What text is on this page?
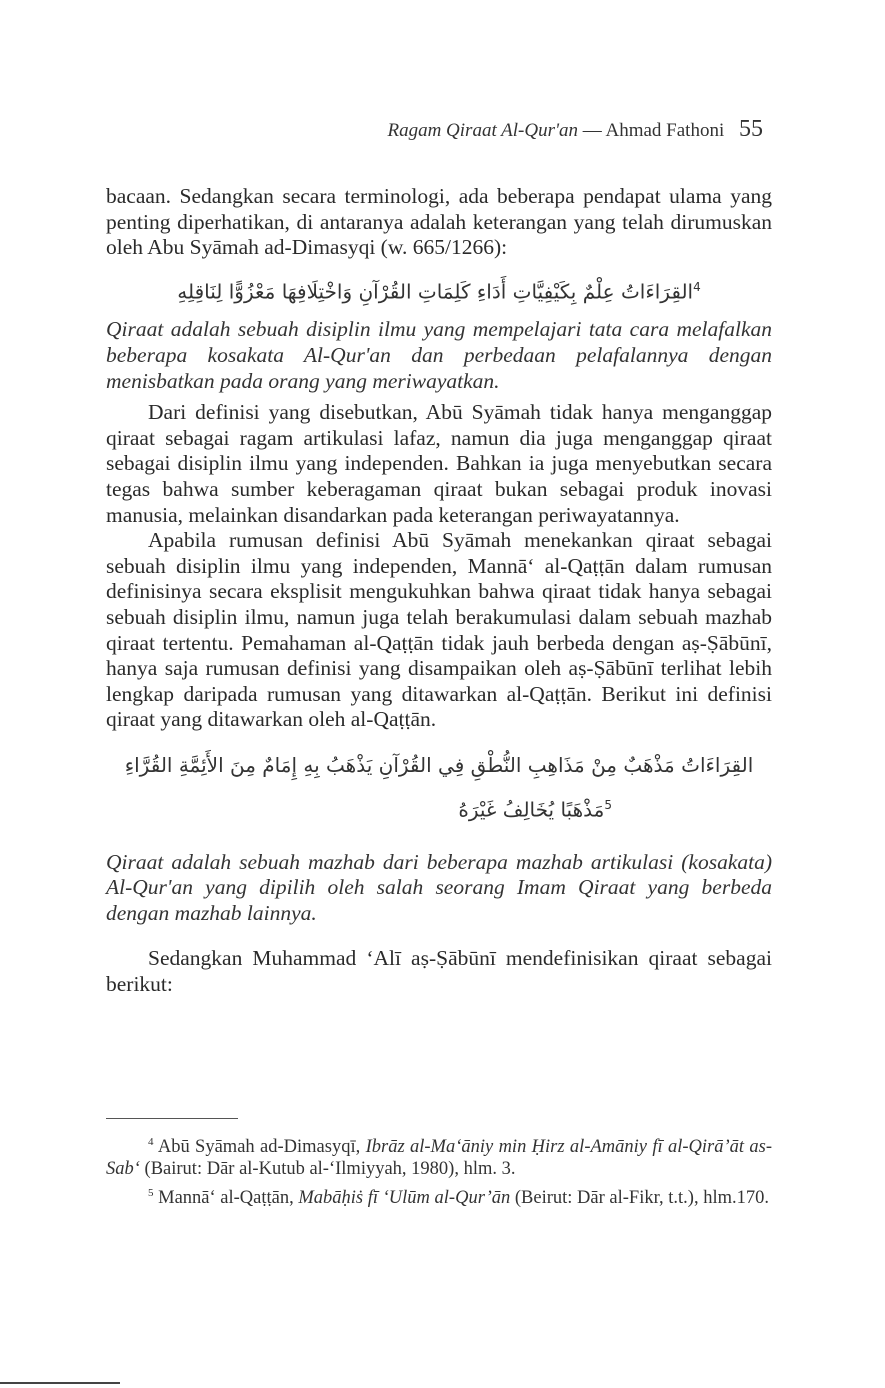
Ragam Qiraat Al-Qur'an — Ahmad Fathoni 55

bacaan. Sedangkan secara terminologi, ada beberapa pendapat ulama yang penting diperhatikan, di antaranya adalah keterangan yang telah dirumuskan oleh Abu Syāmah ad-Dimasyqi (w. 665/1266):

$^4$القِرَاءَاتُ عِلْمٌ بِكَيْفِيَّاتِ أَدَاءِ كَلِمَاتِ القُرْآنِ وَاخْتِلَافِهَا مَعْزُوًّا لِنَاقِلِهِ

Qiraat adalah sebuah disiplin ilmu yang mempelajari tata cara melafalkan beberapa kosakata Al-Qur'an dan perbedaan pelafalannya dengan menisbatkan pada orang yang meriwayatkan.

Dari definisi yang disebutkan, Abū Syāmah tidak hanya menganggap qiraat sebagai ragam artikulasi lafaz, namun dia juga menganggap qiraat sebagai disiplin ilmu yang independen. Bahkan ia juga menyebutkan secara tegas bahwa sumber keberagaman qiraat bukan sebagai produk inovasi manusia, melainkan disandarkan pada keterangan periwayatannya.

Apabila rumusan definisi Abū Syāmah menekankan qiraat sebagai sebuah disiplin ilmu yang independen, Mannā‘ al-Qaṭṭān dalam rumusan definisinya secara eksplisit mengukuhkan bahwa qiraat tidak hanya sebagai sebuah disiplin ilmu, namun juga telah berakumulasi dalam sebuah mazhab qiraat tertentu. Pemahaman al-Qaṭṭān tidak jauh berbeda dengan aṣ-Ṣābūnī, hanya saja rumusan definisi yang disampaikan oleh aṣ-Ṣābūnī terlihat lebih lengkap daripada rumusan yang ditawarkan al-Qaṭṭān. Berikut ini definisi qiraat yang ditawarkan oleh al-Qaṭṭān.

القِرَاءَاتُ مَذْهَبٌ مِنْ مَذَاهِبِ النُّطْقِ فِي القُرْآنِ يَذْهَبُ بِهِ إِمَامٌ مِنَ الأَئِمَّةِ القُرَّاءِ

$^5$مَذْهَبًا يُخَالِفُ غَيْرَهُ

Qiraat adalah sebuah mazhab dari beberapa mazhab artikulasi (kosakata) Al-Qur'an yang dipilih oleh salah seorang Imam Qiraat yang berbeda dengan mazhab lainnya.

Sedangkan Muhammad ‘Alī aṣ-Ṣābūnī mendefinisikan qiraat sebagai berikut:

$^4$ Abū Syāmah ad-Dimasyqī, Ibrāz al-Ma‘āniy min Ḥirz al-Amāniy fī al-Qirā’āt as-Sab‘ (Bairut: Dār al-Kutub al-‘Ilmiyyah, 1980), hlm. 3.

$^5$ Mannā‘ al-Qaṭṭān, Mabāḥiṡ fī ‘Ulūm al-Qur’ān (Beirut: Dār al-Fikr, t.t.), hlm.170.
